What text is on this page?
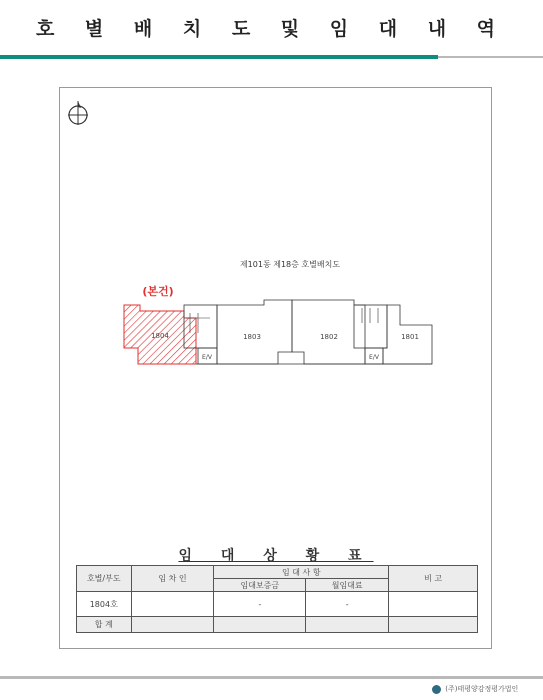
호 별 배 치 도 및 임 대 내 역
제101동 제18층 호별배치도
(본건)
1804
E/V
1803	1802
E/V
1801
임 대 상 황 표
호별/부도	임 차 인	임 대 사 항		비 고
		임대보증금	월임대료	
1804호		-	-	
합 계				
(주)태평양감정평가법인
